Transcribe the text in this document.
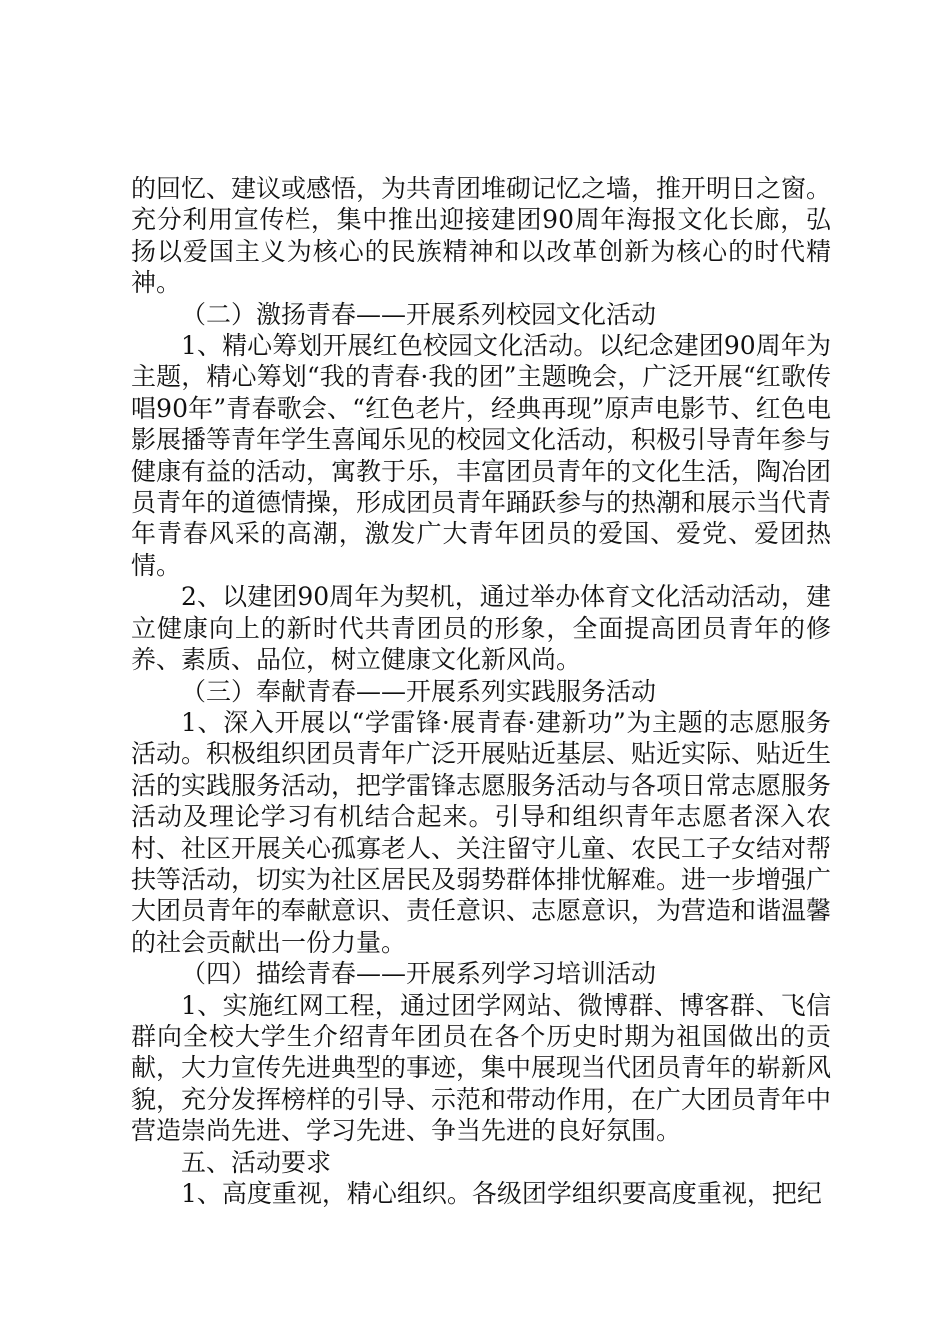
的回忆、建议或感悟，为共青团堆砌记忆之墙，推开明日之窗。充分利用宣传栏，集中推出迎接建团90周年海报文化长廊，弘扬以爱国主义为核心的民族精神和以改革创新为核心的时代精神。

（二）激扬青春——开展系列校园文化活动

1、精心筹划开展红色校园文化活动。以纪念建团90周年为主题，精心筹划“我的青春·我的团”主题晚会，广泛开展“红歌传唱90年”青春歌会、“红色老片，经典再现”原声电影节、红色电影展播等青年学生喜闻乐见的校园文化活动，积极引导青年参与健康有益的活动，寓教于乐，丰富团员青年的文化生活，陶冶团员青年的道德情操，形成团员青年踊跃参与的热潮和展示当代青年青春风采的高潮，激发广大青年团员的爱国、爱党、爱团热情。

2、以建团90周年为契机，通过举办体育文化活动活动，建立健康向上的新时代共青团员的形象，全面提高团员青年的修养、素质、品位，树立健康文化新风尚。

（三）奉献青春——开展系列实践服务活动

1、深入开展以“学雷锋·展青春·建新功”为主题的志愿服务活动。积极组织团员青年广泛开展贴近基层、贴近实际、贴近生活的实践服务活动，把学雷锋志愿服务活动与各项日常志愿服务活动及理论学习有机结合起来。引导和组织青年志愿者深入农村、社区开展关心孤寡老人、关注留守儿童、农民工子女结对帮扶等活动，切实为社区居民及弱势群体排忧解难。进一步增强广大团员青年的奉献意识、责任意识、志愿意识，为营造和谐温馨的社会贡献出一份力量。

（四）描绘青春——开展系列学习培训活动

1、实施红网工程，通过团学网站、微博群、博客群、飞信群向全校大学生介绍青年团员在各个历史时期为祖国做出的贡献，大力宣传先进典型的事迹，集中展现当代团员青年的崭新风貌，充分发挥榜样的引导、示范和带动作用，在广大团员青年中营造崇尚先进、学习先进、争当先进的良好氛围。

五、活动要求

1、高度重视，精心组织。各级团学组织要高度重视，把纪
